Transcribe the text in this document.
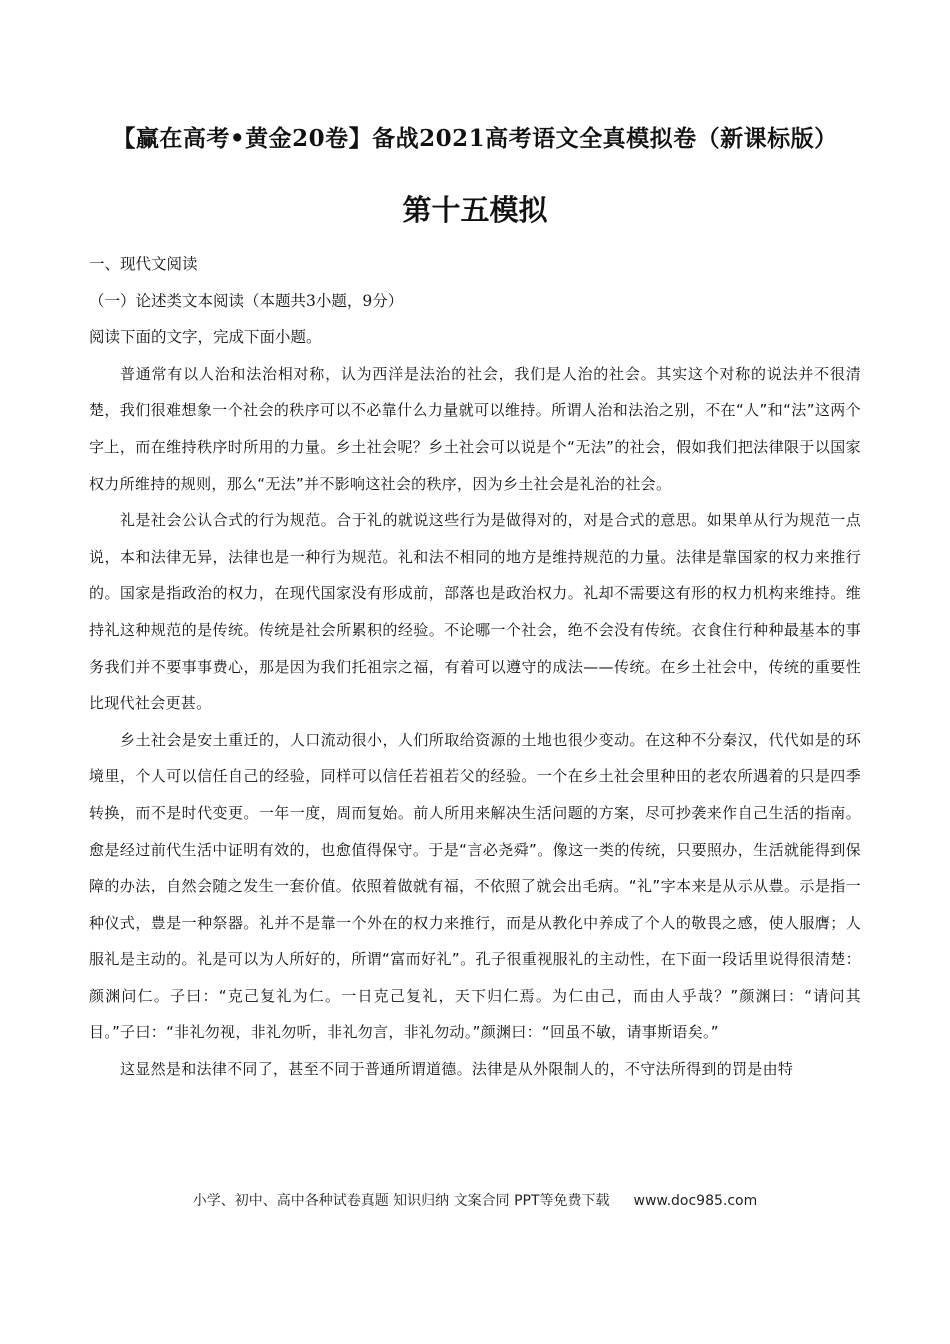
【赢在高考•黄金20卷】备战2021高考语文全真模拟卷（新课标版）
第十五模拟

一、现代文阅读

（一）论述类文本阅读（本题共3小题，9分）

阅读下面的文字，完成下面小题。

普通常有以人治和法治相对称，认为西洋是法治的社会，我们是人治的社会。其实这个对称的说法并不很清楚，我们很难想象一个社会的秩序可以不必靠什么力量就可以维持。所谓人治和法治之别，不在“人”和“法”这两个字上，而在维持秩序时所用的力量。乡土社会呢？乡土社会可以说是个“无法”的社会，假如我们把法律限于以国家权力所维持的规则，那么“无法”并不影响这社会的秩序，因为乡土社会是礼治的社会。

礼是社会公认合式的行为规范。合于礼的就说这些行为是做得对的，对是合式的意思。如果单从行为规范一点说，本和法律无异，法律也是一种行为规范。礼和法不相同的地方是维持规范的力量。法律是靠国家的权力来推行的。国家是指政治的权力，在现代国家没有形成前，部落也是政治权力。礼却不需要这有形的权力机构来维持。维持礼这种规范的是传统。传统是社会所累积的经验。不论哪一个社会，绝不会没有传统。衣食住行种种最基本的事务我们并不要事事费心，那是因为我们托祖宗之福，有着可以遵守的成法——传统。在乡土社会中，传统的重要性比现代社会更甚。

乡土社会是安土重迁的，人口流动很小，人们所取给资源的土地也很少变动。在这种不分秦汉，代代如是的环境里，个人可以信任自己的经验，同样可以信任若祖若父的经验。一个在乡土社会里种田的老农所遇着的只是四季转换，而不是时代变更。一年一度，周而复始。前人所用来解决生活问题的方案，尽可抄袭来作自己生活的指南。愈是经过前代生活中证明有效的，也愈值得保守。于是“言必尧舜”。像这一类的传统，只要照办，生活就能得到保障的办法，自然会随之发生一套价值。依照着做就有福，不依照了就会出毛病。“礼”字本来是从示从豊。示是指一种仪式，豊是一种祭器。礼并不是靠一个外在的权力来推行，而是从教化中养成了个人的敬畏之感，使人服膺；人服礼是主动的。礼是可以为人所好的，所谓“富而好礼”。孔子很重视服礼的主动性，在下面一段话里说得很清楚：颜渊问仁。子曰：“克己复礼为仁。一日克己复礼，天下归仁焉。为仁由己，而由人乎哉？”颜渊曰：“请问其目。”子曰：“非礼勿视，非礼勿听，非礼勿言，非礼勿动。”颜渊曰：“回虽不敏，请事斯语矣。”

这显然是和法律不同了，甚至不同于普通所谓道德。法律是从外限制人的，不守法所得到的罚是由特

小学、初中、高中各种试卷真题 知识归纳 文案合同 PPT等免费下载 www.doc985.com
